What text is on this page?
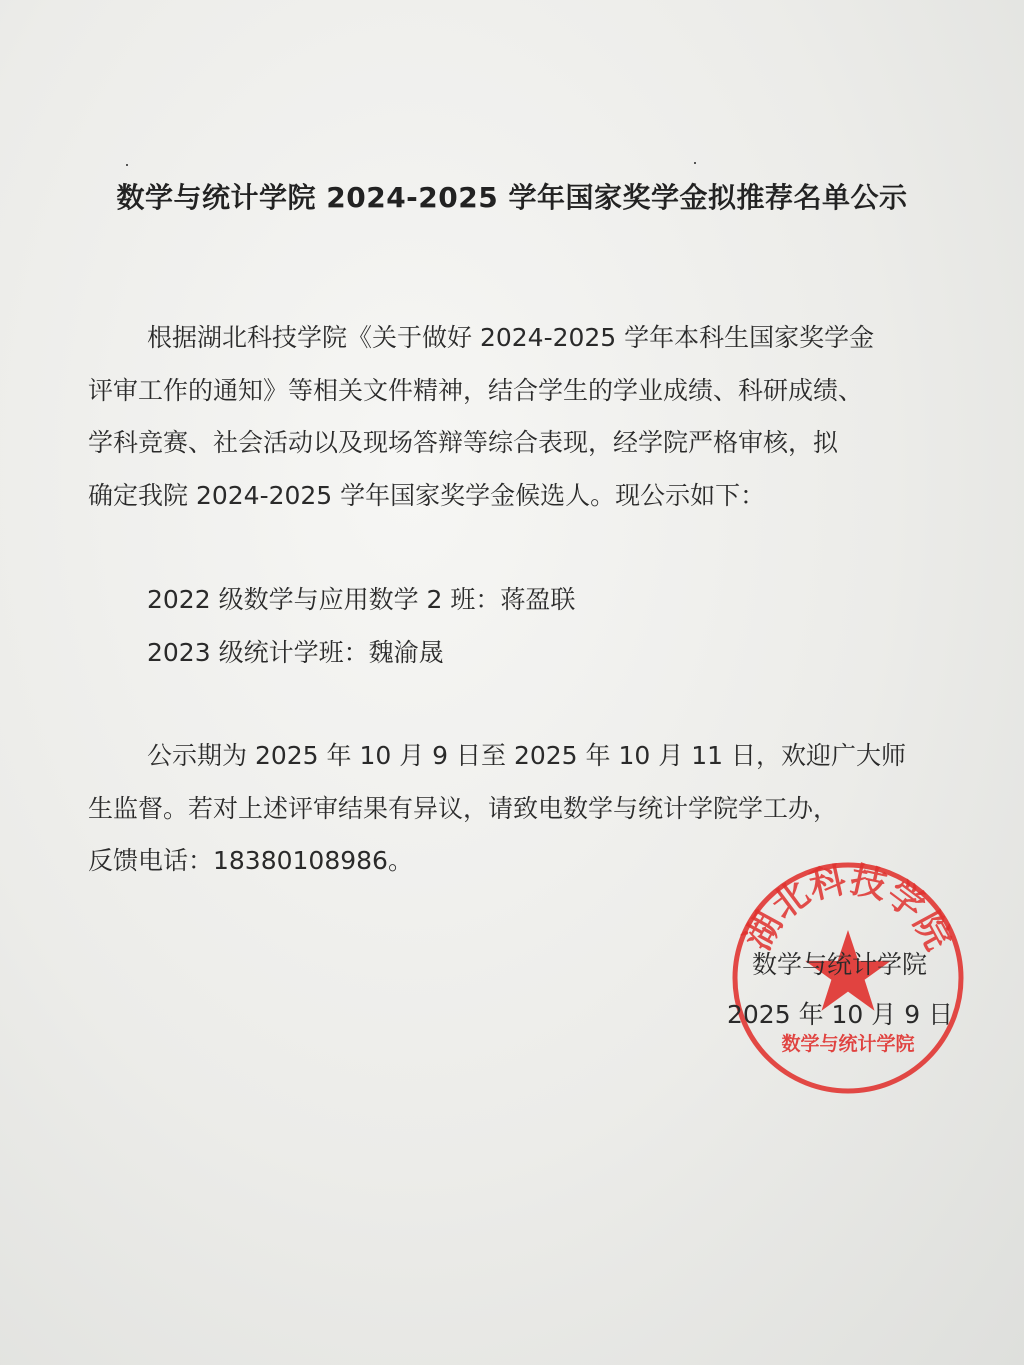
数学与统计学院 2024-2025 学年国家奖学金拟推荐名单公示
根据湖北科技学院《关于做好 2024-2025 学年本科生国家奖学金
评审工作的通知》等相关文件精神，结合学生的学业成绩、科研成绩、
学科竞赛、社会活动以及现场答辩等综合表现，经学院严格审核，拟
确定我院 2024-2025 学年国家奖学金候选人。现公示如下：
2022 级数学与应用数学 2 班：蒋盈联
2023 级统计学班：魏渝晟
公示期为 2025 年 10 月 9 日至 2025 年 10 月 11 日，欢迎广大师
生监督。若对上述评审结果有异议，请致电数学与统计学院学工办，
反馈电话：18380108986。
湖北科技学院
数学与统计学院
数学与统计学院
2025 年 10 月 9 日
